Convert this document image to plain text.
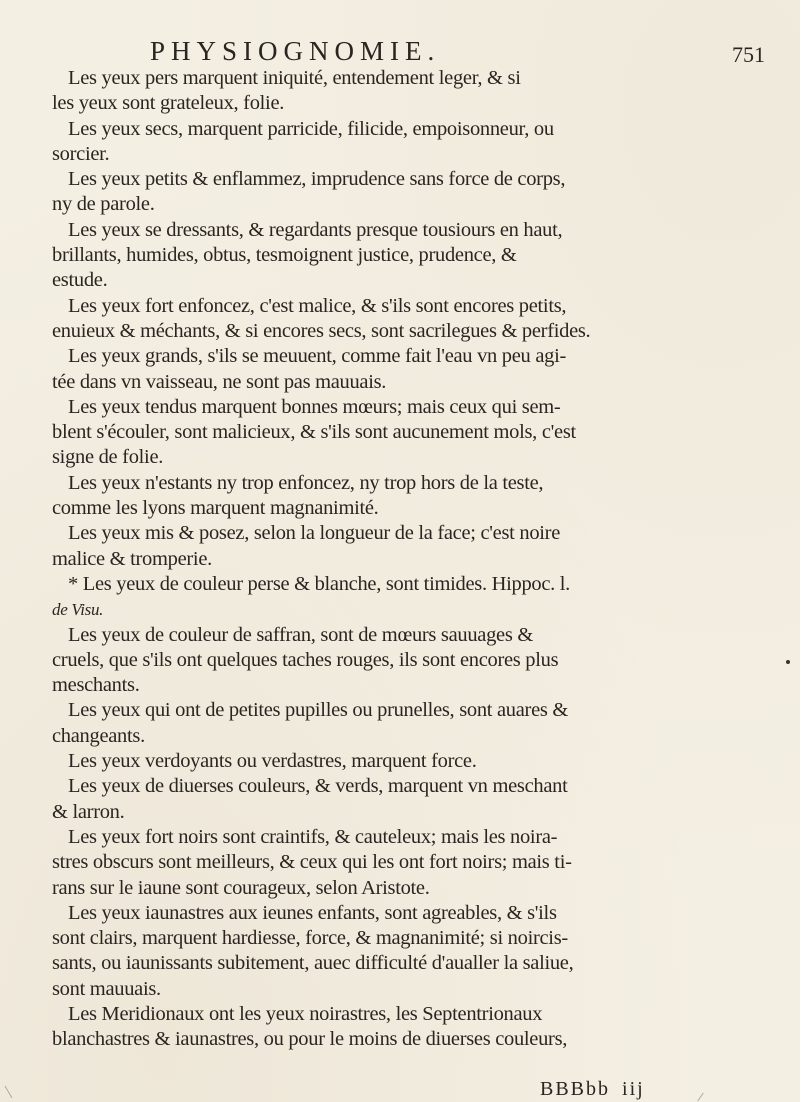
PHYSIOGNOMIE.	751
Les yeux pers marquent iniquité, entendement leger, & si
les yeux sont grateleux, folie.
Les yeux secs, marquent parricide, filicide, empoisonneur, ou
sorcier.
Les yeux petits & enflammez, imprudence sans force de corps,
ny de parole.
Les yeux se dressants, & regardants presque tousiours en haut,
brillants, humides, obtus, tesmoignent justice, prudence, &
estude.
Les yeux fort enfoncez, c'est malice, & s'ils sont encores petits,
enuieux & méchants, & si encores secs, sont sacrilegues & perfides.
Les yeux grands, s'ils se meuuent, comme fait l'eau vn peu agi-
tée dans vn vaisseau, ne sont pas mauuais.
Les yeux tendus marquent bonnes mœurs; mais ceux qui sem-
blent s'écouler, sont malicieux, & s'ils sont aucunement mols, c'est
signe de folie.
Les yeux n'estants ny trop enfoncez, ny trop hors de la teste,
comme les lyons marquent magnanimité.
Les yeux mis & posez, selon la longueur de la face; c'est noire
malice & tromperie.
* Les yeux de couleur perse & blanche, sont timides. Hippoc. l.
de Visu.
Les yeux de couleur de saffran, sont de mœurs sauuages &
cruels, que s'ils ont quelques taches rouges, ils sont encores plus
meschants.
Les yeux qui ont de petites pupilles ou prunelles, sont auares &
changeants.
Les yeux verdoyants ou verdastres, marquent force.
Les yeux de diuerses couleurs, & verds, marquent vn meschant
& larron.
Les yeux fort noirs sont craintifs, & cauteleux; mais les noira-
stres obscurs sont meilleurs, & ceux qui les ont fort noirs; mais ti-
rans sur le iaune sont courageux, selon Aristote.
Les yeux iaunastres aux ieunes enfants, sont agreables, & s'ils
sont clairs, marquent hardiesse, force, & magnanimité; si noircis-
sants, ou iaunissants subitement, auec difficulté d'aualler la saliue,
sont mauuais.
Les Meridionaux ont les yeux noirastres, les Septentrionaux
blanchastres & iaunastres, ou pour le moins de diuerses couleurs,
BBBbb iij
